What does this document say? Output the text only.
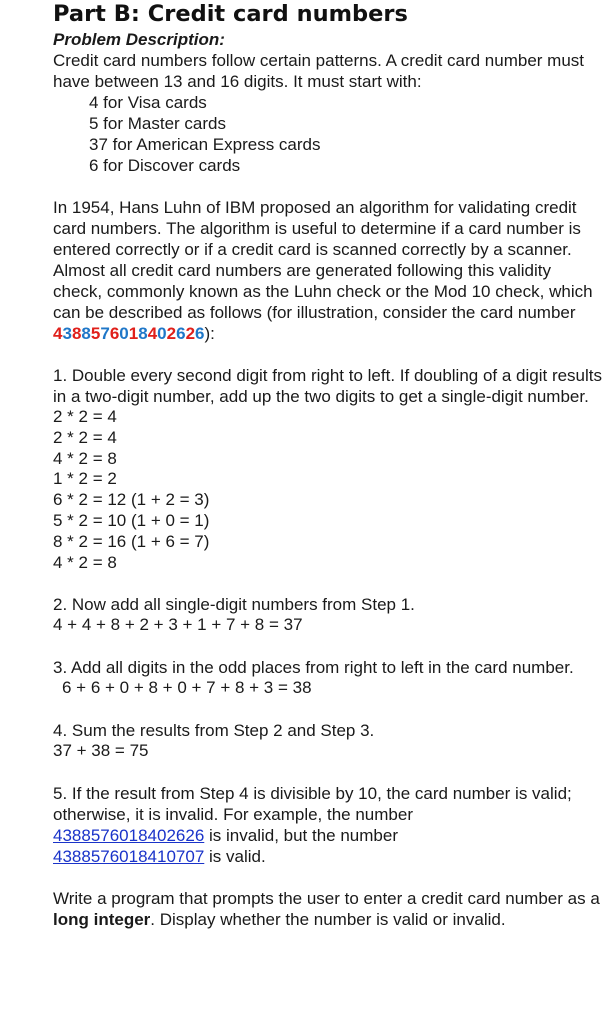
Part B: Credit card numbers
Problem Description:

Credit card numbers follow certain patterns. A credit card number must have between 13 and 16 digits. It must start with:

4 for Visa cards
5 for Master cards
37 for American Express cards
6 for Discover cards

In 1954, Hans Luhn of IBM proposed an algorithm for validating credit card numbers. The algorithm is useful to determine if a card number is entered correctly or if a credit card is scanned correctly by a scanner. Almost all credit card numbers are generated following this validity check, commonly known as the Luhn check or the Mod 10 check, which can be described as follows (for illustration, consider the card number 4388576018402626):

1. Double every second digit from right to left. If doubling of a digit results in a two-digit number, add up the two digits to get a single-digit number.

2 * 2 = 4
2 * 2 = 4
4 * 2 = 8
1 * 2 = 2
6 * 2 = 12 (1 + 2 = 3)
5 * 2 = 10 (1 + 0 = 1)
8 * 2 = 16 (1 + 6 = 7)
4 * 2 = 8

2. Now add all single-digit numbers from Step 1.

4 + 4 + 8 + 2 + 3 + 1 + 7 + 8 = 37

3. Add all digits in the odd places from right to left in the card number.

6 + 6 + 0 + 8 + 0 + 7 + 8 + 3 = 38

4. Sum the results from Step 2 and Step 3.

37 + 38 = 75

5. If the result from Step 4 is divisible by 10, the card number is valid; otherwise, it is invalid. For example, the number
4388576018402626 is invalid, but the number
4388576018410707 is valid.

Write a program that prompts the user to enter a credit card number as a long integer. Display whether the number is valid or invalid.
